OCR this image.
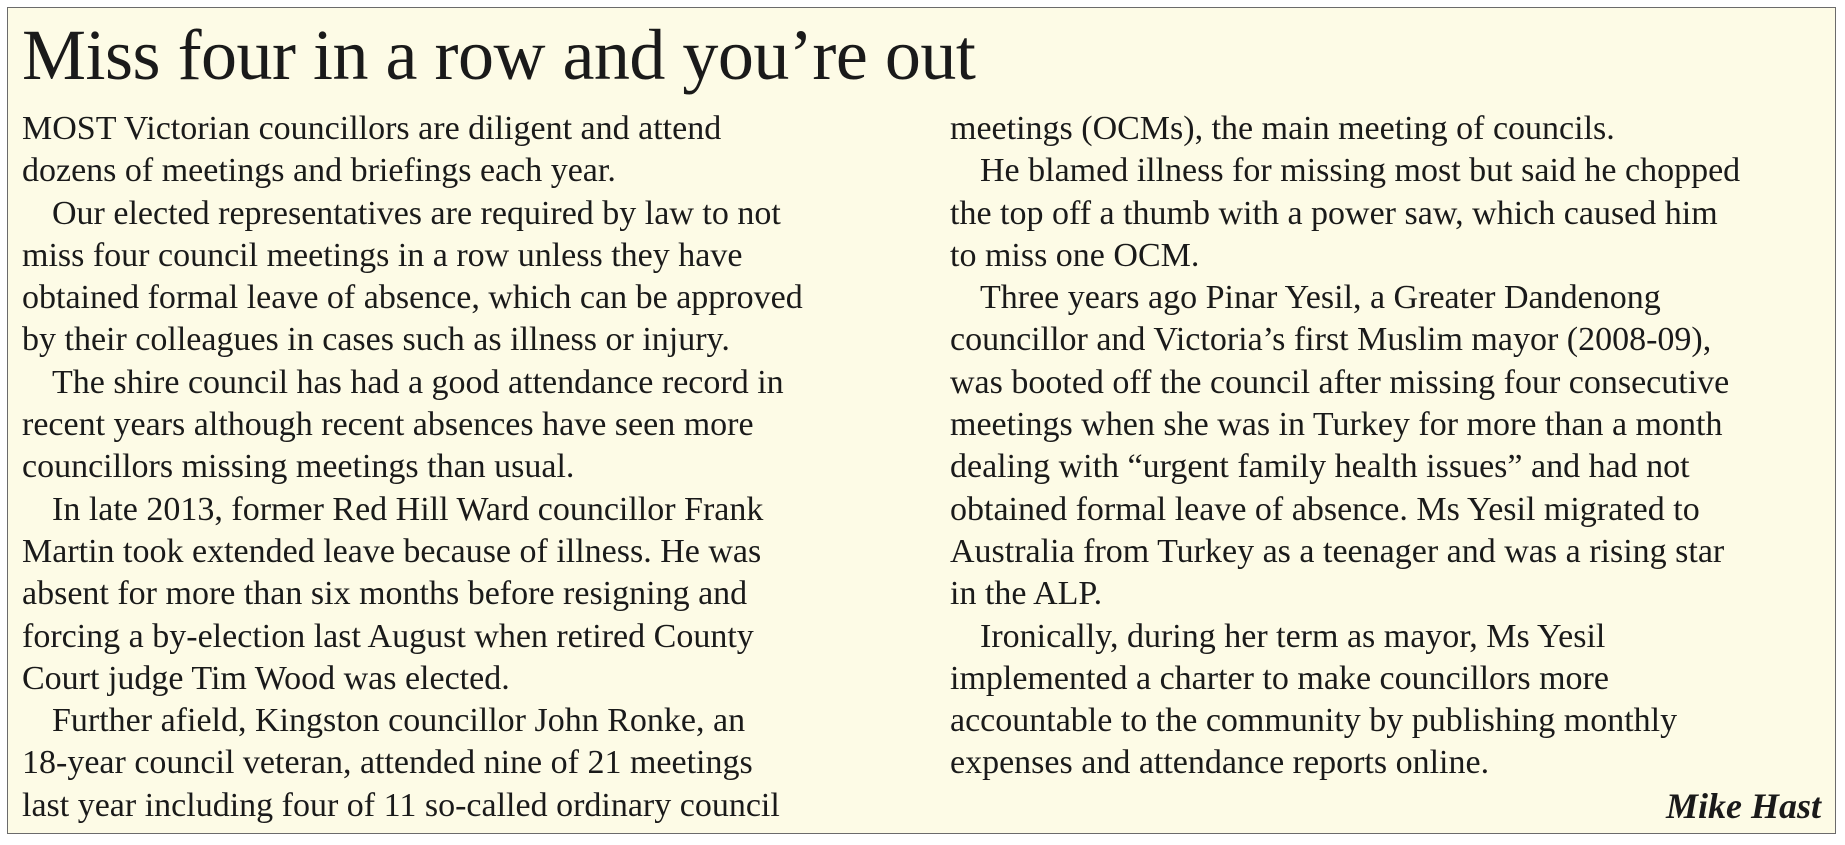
Miss four in a row and you’re out
MOST Victorian councillors are diligent and attend
dozens of meetings and briefings each year.
Our elected representatives are required by law to not
miss four council meetings in a row unless they have
obtained formal leave of absence, which can be approved
by their colleagues in cases such as illness or injury.
The shire council has had a good attendance record in
recent years although recent absences have seen more
councillors missing meetings than usual.
In late 2013, former Red Hill Ward councillor Frank
Martin took extended leave because of illness. He was
absent for more than six months before resigning and
forcing a by-election last August when retired County
Court judge Tim Wood was elected.
Further afield, Kingston councillor John Ronke, an
18-year council veteran, attended nine of 21 meetings
last year including four of 11 so-called ordinary council
meetings (OCMs), the main meeting of councils.
He blamed illness for missing most but said he chopped
the top off a thumb with a power saw, which caused him
to miss one OCM.
Three years ago Pinar Yesil, a Greater Dandenong
councillor and Victoria’s first Muslim mayor (2008-09),
was booted off the council after missing four consecutive
meetings when she was in Turkey for more than a month
dealing with “urgent family health issues” and had not
obtained formal leave of absence. Ms Yesil migrated to
Australia from Turkey as a teenager and was a rising star
in the ALP.
Ironically, during her term as mayor, Ms Yesil
implemented a charter to make councillors more
accountable to the community by publishing monthly
expenses and attendance reports online.
Mike Hast
